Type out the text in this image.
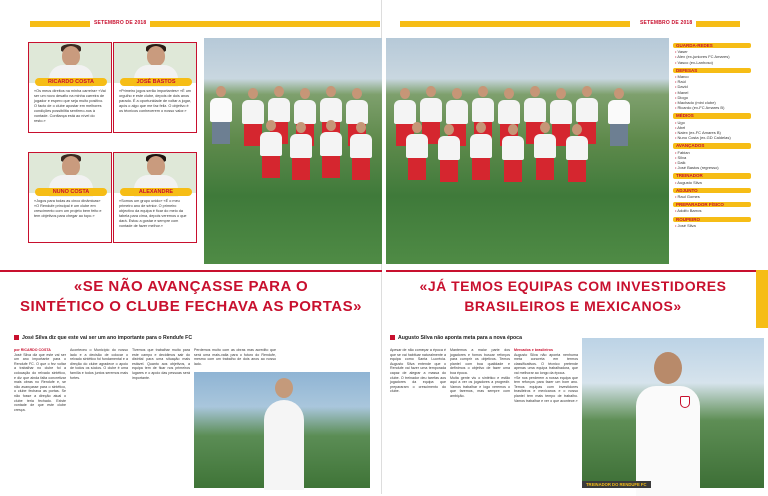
SETEMBRO DE 2018
RICARDO COSTA
«Os meus direitos na minha carreira» «Vai ser um novo desafio na minha carreira de jogador e espero que seja muito positivo. O facto de o clube apostar em melhores condições possibilita sentirmo-nos à vontade. Confiança está ao nível do resto.»
JOSÉ BASTOS
«Primeiro jogos serão importantes» «É um orgulho e este clube, depois de dois anos parado. É a oportunidade de voltar a jogar, após o algo que me faz feliz. O objetivo é os técnicos conhecerem o nosso valor.»
NUNO COSTA
«Jogos para todas as cinco dinâmicas» «O Rendufe principal é um clube em crescimento com um projeto bem feito e tem objetivos para chegar ao topo.»
ALEXANDRE
«Somos um grupo unido» «É o meu primeiro ano de sénior. O primeiro objectivo da equipa é ficar do meio da tabela para cima, depois veremos o que dará. Estou a gostar e sempre com vontade de fazer melhor.»
«SE NÃO AVANÇASSE PARA O
SINTÉTICO O CLUBE FECHAVA AS PORTAS»
José Silva diz que este vai ser um ano importante para o Rendufe FC
por RICARDO COSTA

José Silva diz que este vai ser um ano importante para o Rendufe FC. O que o fez voltar a trabalhar no clube foi a colocação do relvado sintético, e diz que ainda falta concretizar mais obras no Rendufe e, se não avançasse para o sintético, o clube fechava as portas. Se não fosse a direção atual o clube teria fechado. Existe vontade de que este clube cresça.

Aconteceu o Município do nosso lado e a decisão de colocar o relvado sintético foi fundamental e a direção do clube agradece o apoio de todos os sócios. O clube é uma família e todos juntos seremos mais fortes.

Tivemos que trabalhar muito para este campo e decidimos sair do distrital para uma situação mais estável. Quanto aos objetivos, a equipa tem de ficar nos primeiros lugares e o apoio das pessoas será importante.

Perdemos muito com as obras mas acredito que será uma mais-valia para o futuro do Rendufe, mesmo com um trabalho de dois anos ao nosso lado.

SETEMBRO DE 2018
GUARDA-REDES
• Vaser
• Alex (ex-juniores FC Amares)
• Vasco (ex-Lanhoso)
DEFESAS
• Marco
• Raúl
• David
• Manel
• Diogo
• Machado (mini clube)
• Ricardo (ex-FC Amares B)
MÉDIOS
• Ugo
• Abel
• Naiex (ex-FC Amares B)
• Nuno Costa (ex-GD Caldelas)
AVANÇADOS
• Fabian
• Silva
• Dalk
• José Bastos (regresso)
TREINADOR
• Augusto Silva
ADJUNTO
• Raul Gomes
PREPARADOR FÍSICO
• Adolfo Barros
ROUPEIRO
• José Silva
«JÁ TEMOS EQUIPAS COM INVESTIDORES
BRASILEIROS E MEXICANOS»
Augusto Silva não aponta meta para a nova época

Apesar de não começar a época é que se vai habituar naturalmente a equipa como Santa Lucrécia. Augusto Silva entende que o Rendufe vai fazer uma temporada capaz de alegrar a massa do clube. O treinador deu tarefas aos jogadores da equipa que prepararam o crescimento do clube.

Mantemos a maior parte dos jogadores e fomos buscar reforços para cumprir os objetivos. Temos plantel com boa qualidade e definimos o objetivo de fazer uma boa época.

Muita gente viu o sintético e estão aqui a ver os jogadores a progredir. Vamos trabalhar e logo veremos o que faremos, mas sempre com ambição.

Mercados e brasileiros

Augusto Silva não aponta nenhuma meta concreta em termos classificativos. O técnico pretende apenas uma equipa trabalhadora, que vai melhorar ao longo da época.

«Se nos perderem a nossa equipa que tem reforços para fazer um bom ano. Temos equipas com investidores brasileiros e mexicanos e o nosso plantel tem mais tempo de trabalho. Vamos trabalhar e ver o que acontece.»

TREINADOR DO RENDUFE FC
